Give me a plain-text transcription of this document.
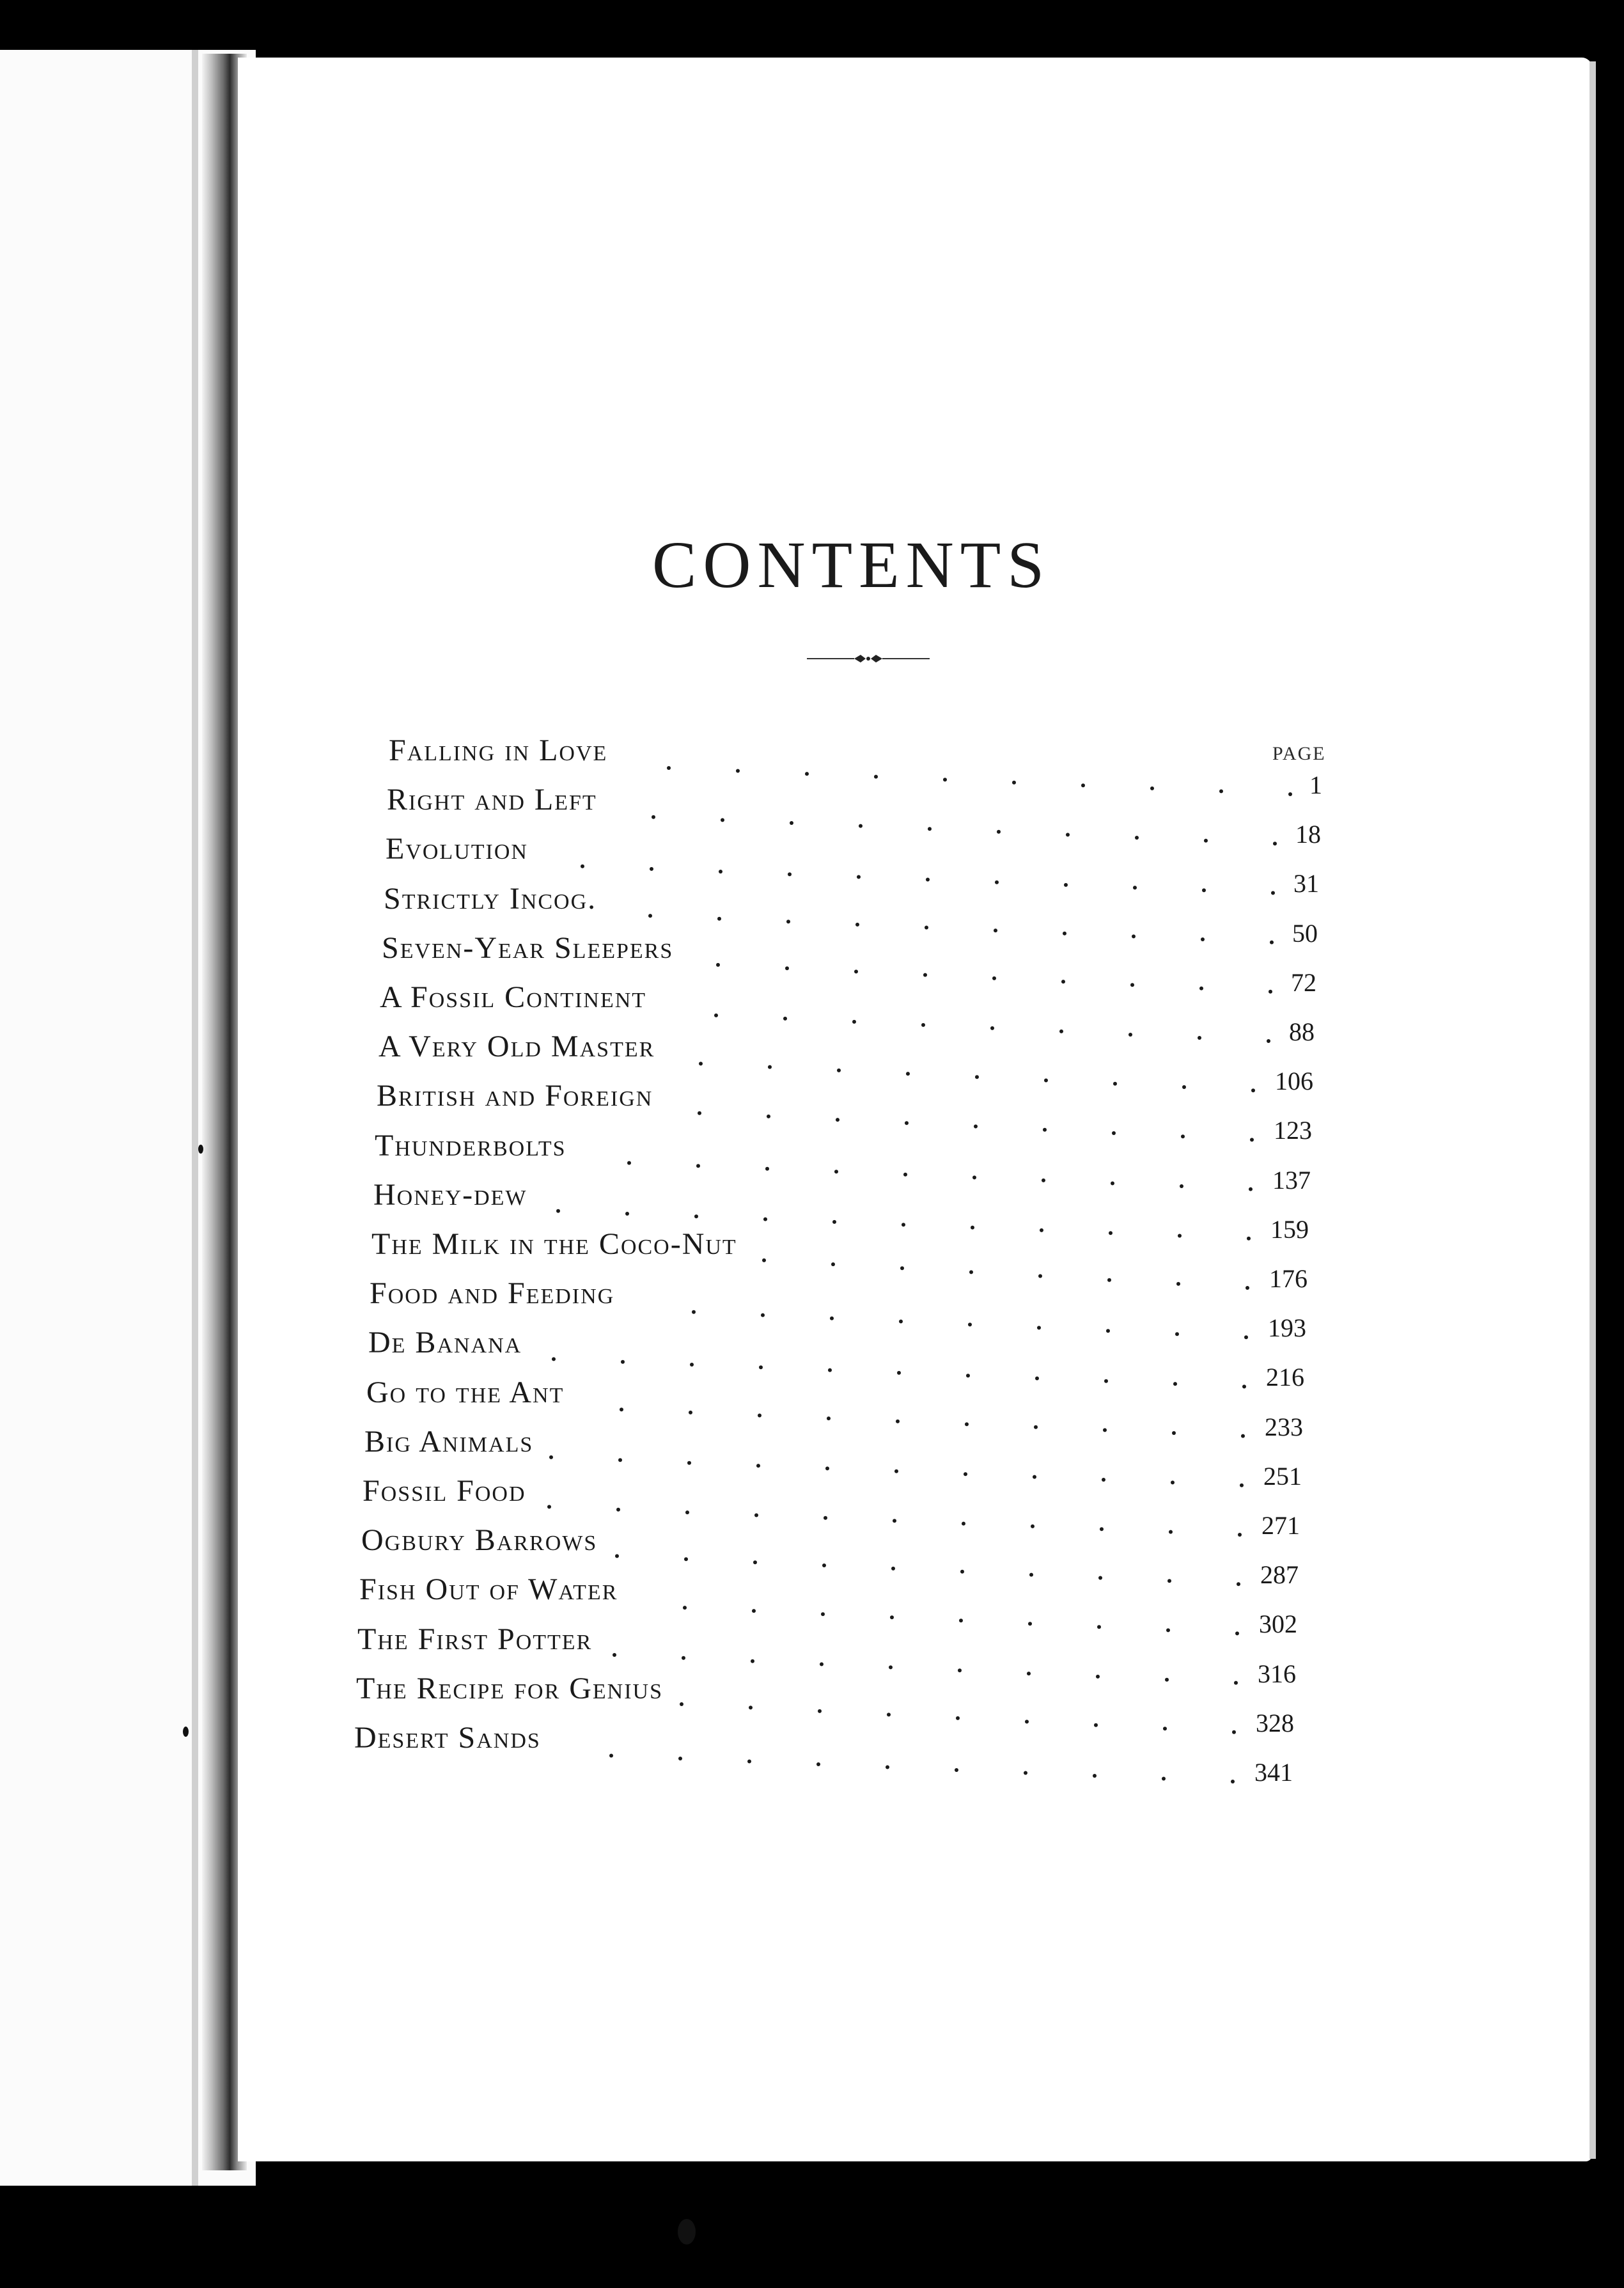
CONTENTS
PAGE
Falling in Love
1
Right and Left
18
Evolution
31
Strictly Incog.
50
Seven-Year Sleepers
72
A Fossil Continent
88
A Very Old Master
106
British and Foreign
123
Thunderbolts
137
Honey-dew
159
The Milk in the Coco-Nut
176
Food and Feeding
193
De Banana
216
Go to the Ant
233
Big Animals
251
Fossil Food
271
Ogbury Barrows
287
Fish Out of Water
302
The First Potter
316
The Recipe for Genius
328
Desert Sands
341
